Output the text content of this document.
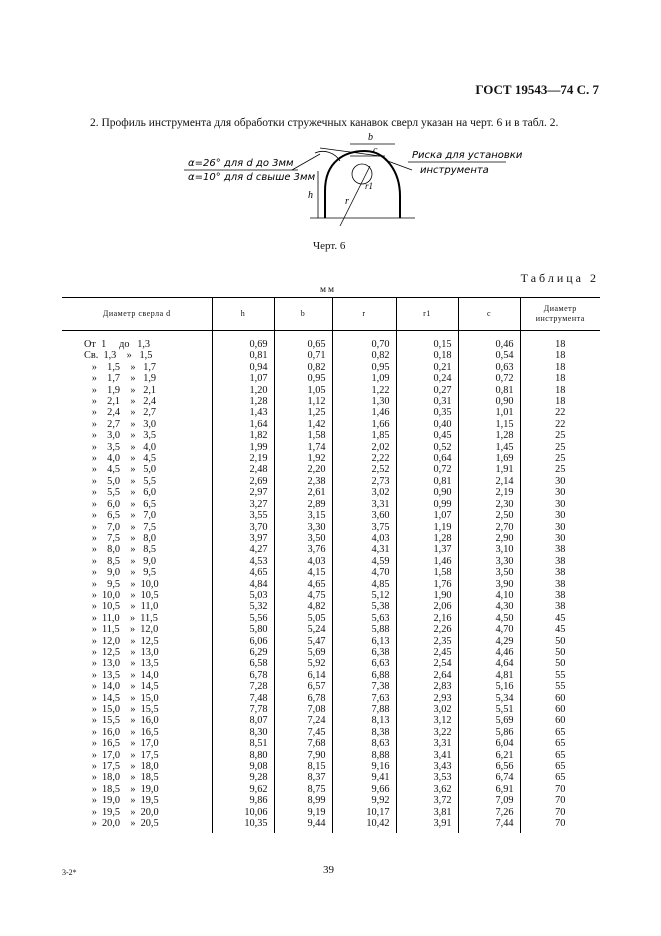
ГОСТ 19543—74 С. 7
2. Профиль инструмента для обработки стружечных канавок сверл указан на черт. 6 и в табл. 2.
α=26° для d до 3мм
α=10° для d свыше 3мм
h
b
c
r
r1
Риска для установки
инструмента
Черт. 6
Таблица 2
мм
Диаметр сверла d	h	b	r	r1	c	Диаметр инструмента
От  1     до   1,3	0,69	0,65	0,70	0,15	0,46	18
Св.  1,3    »   1,5	0,81	0,71	0,82	0,18	0,54	18
»    1,5    »   1,7	0,94	0,82	0,95	0,21	0,63	18
»    1,7    »   1,9	1,07	0,95	1,09	0,24	0,72	18
»    1,9    »   2,1	1,20	1,05	1,22	0,27	0,81	18
»    2,1    »   2,4	1,28	1,12	1,30	0,31	0,90	18
»    2,4    »   2,7	1,43	1,25	1,46	0,35	1,01	22
»    2,7    »   3,0	1,64	1,42	1,66	0,40	1,15	22
»    3,0    »   3,5	1,82	1,58	1,85	0,45	1,28	25
»    3,5    »   4,0	1,99	1,74	2,02	0,52	1,45	25
»    4,0    »   4,5	2,19	1,92	2,22	0,64	1,69	25
»    4,5    »   5,0	2,48	2,20	2,52	0,72	1,91	25
»    5,0    »   5,5	2,69	2,38	2,73	0,81	2,14	30
»    5,5    »   6,0	2,97	2,61	3,02	0,90	2,19	30
»    6,0    »   6,5	3,27	2,89	3,31	0,99	2,30	30
»    6,5    »   7,0	3,55	3,15	3,60	1,07	2,50	30
»    7,0    »   7,5	3,70	3,30	3,75	1,19	2,70	30
»    7,5    »   8,0	3,97	3,50	4,03	1,28	2,90	30
»    8,0    »   8,5	4,27	3,76	4,31	1,37	3,10	38
»    8,5    »   9,0	4,53	4,03	4,59	1,46	3,30	38
»    9,0    »   9,5	4,65	4,15	4,70	1,58	3,50	38
»    9,5    »  10,0	4,84	4,65	4,85	1,76	3,90	38
»  10,0    »  10,5	5,03	4,75	5,12	1,90	4,10	38
»  10,5    »  11,0	5,32	4,82	5,38	2,06	4,30	38
»  11,0    »  11,5	5,56	5,05	5,63	2,16	4,50	45
»  11,5    »  12,0	5,80	5,24	5,88	2,26	4,70	45
»  12,0    »  12,5	6,06	5,47	6,13	2,35	4,29	50
»  12,5    »  13,0	6,29	5,69	6,38	2,45	4,46	50
»  13,0    »  13,5	6,58	5,92	6,63	2,54	4,64	50
»  13,5    »  14,0	6,78	6,14	6,88	2,64	4,81	55
»  14,0    »  14,5	7,28	6,57	7,38	2,83	5,16	55
»  14,5    »  15,0	7,48	6,78	7,63	2,93	5,34	60
»  15,0    »  15,5	7,78	7,08	7,88	3,02	5,51	60
»  15,5    »  16,0	8,07	7,24	8,13	3,12	5,69	60
»  16,0    »  16,5	8,30	7,45	8,38	3,22	5,86	65
»  16,5    »  17,0	8,51	7,68	8,63	3,31	6,04	65
»  17,0    »  17,5	8,80	7,90	8,88	3,41	6,21	65
»  17,5    »  18,0	9,08	8,15	9,16	3,43	6,56	65
»  18,0    »  18,5	9,28	8,37	9,41	3,53	6,74	65
»  18,5    »  19,0	9,62	8,75	9,66	3,62	6,91	70
»  19,0    »  19,5	9,86	8,99	9,92	3,72	7,09	70
»  19,5    »  20,0	10,06	9,19	10,17	3,81	7,26	70
»  20,0    »  20,5	10,35	9,44	10,42	3,91	7,44	70
3-2*	39
